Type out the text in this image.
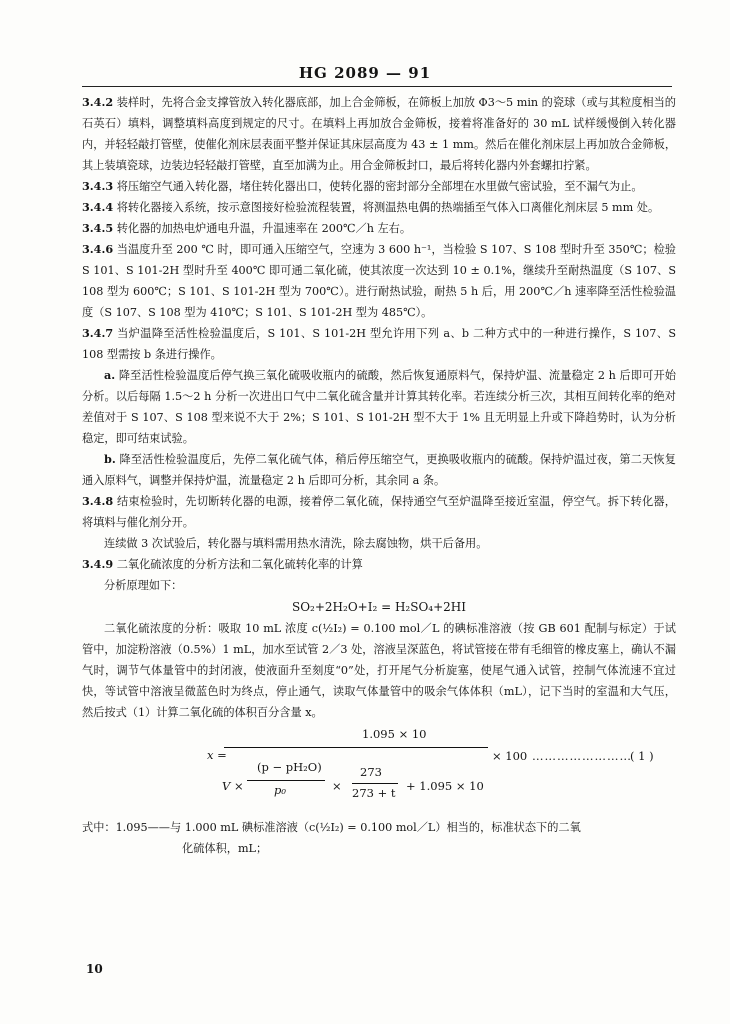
HG 2089 — 91

3.4.2 装样时，先将合金支撑管放入转化器底部，加上合金筛板，在筛板上加放 Φ3～5 min 的瓷球（或与其粒度相当的石英石）填料，调整填料高度到规定的尺寸。在填料上再加放合金筛板，接着将准备好的 30 mL 试样缓慢倒入转化器内，并轻轻敲打管壁，使催化剂床层表面平整并保证其床层高度为 43 ± 1 mm。然后在催化剂床层上再加放合金筛板，其上装填瓷球，边装边轻轻敲打管壁，直至加满为止。用合金筛板封口，最后将转化器内外套螺扣拧紧。

3.4.3 将压缩空气通入转化器，堵住转化器出口，使转化器的密封部分全部埋在水里做气密试验，至不漏气为止。

3.4.4 将转化器接入系统，按示意图接好检验流程装置，将测温热电偶的热端插至气体入口离催化剂床层 5 mm 处。

3.4.5 转化器的加热电炉通电升温，升温速率在 200℃／h 左右。

3.4.6 当温度升至 200 ℃ 时，即可通入压缩空气，空速为 3 600 h⁻¹，当检验 S 107、S 108 型时升至 350℃；检验 S 101、S 101-2H 型时升至 400℃ 即可通二氧化硫，使其浓度一次达到 10 ± 0.1%，继续升至耐热温度（S 107、S 108 型为 600℃；S 101、S 101-2H 型为 700℃）。进行耐热试验，耐热 5 h 后，用 200℃／h 速率降至活性检验温度（S 107、S 108 型为 410℃；S 101、S 101-2H 型为 485℃）。

3.4.7 当炉温降至活性检验温度后，S 101、S 101-2H 型允许用下列 a、b 二种方式中的一种进行操作，S 107、S 108 型需按 b 条进行操作。

a. 降至活性检验温度后停气换三氧化硫吸收瓶内的硫酸，然后恢复通原料气，保持炉温、流量稳定 2 h 后即可开始分析。以后每隔 1.5～2 h 分析一次进出口气中二氧化硫含量并计算其转化率。若连续分析三次，其相互间转化率的绝对差值对于 S 107、S 108 型来说不大于 2%；S 101、S 101-2H 型不大于 1% 且无明显上升或下降趋势时，认为分析稳定，即可结束试验。

b. 降至活性检验温度后，先停二氧化硫气体，稍后停压缩空气，更换吸收瓶内的硫酸。保持炉温过夜，第二天恢复通入原料气，调整并保持炉温，流量稳定 2 h 后即可分析，其余同 a 条。

3.4.8 结束检验时，先切断转化器的电源，接着停二氧化硫，保持通空气至炉温降至接近室温，停空气。拆下转化器，将填料与催化剂分开。

连续做 3 次试验后，转化器与填料需用热水清洗，除去腐蚀物，烘干后备用。

3.4.9 二氧化硫浓度的分析方法和二氧化硫转化率的计算

分析原理如下：

SO₂+2H₂O+I₂ = H₂SO₄+2HI

二氧化硫浓度的分析：吸取 10 mL 浓度 c(½I₂) = 0.100 mol／L 的碘标准溶液（按 GB 601 配制与标定）于试管中，加淀粉溶液（0.5%）1 mL，加水至试管 2／3 处，溶液呈深蓝色，将试管接在带有毛细管的橡皮塞上，确认不漏气时，调节气体量管中的封闭液，使液面升至刻度“0”处，打开尾气分析旋塞，使尾气通入试管，控制气体流速不宜过快，等试管中溶液呈微蓝色时为终点，停止通气，读取气体量管中的吸余气体体积（mL），记下当时的室温和大气压，然后按式（1）计算二氧化硫的体积百分含量 x。

x =
1.095 × 10
× 100 ……………………
( 1 )
V ×
(p − pH₂O)
p₀	×
273
273 + t + 1.095 × 10
式中：1.095——与 1.000 mL 碘标准溶液（c(½I₂) = 0.100 mol／L）相当的，标准状态下的二氧
化硫体积，mL；
10
